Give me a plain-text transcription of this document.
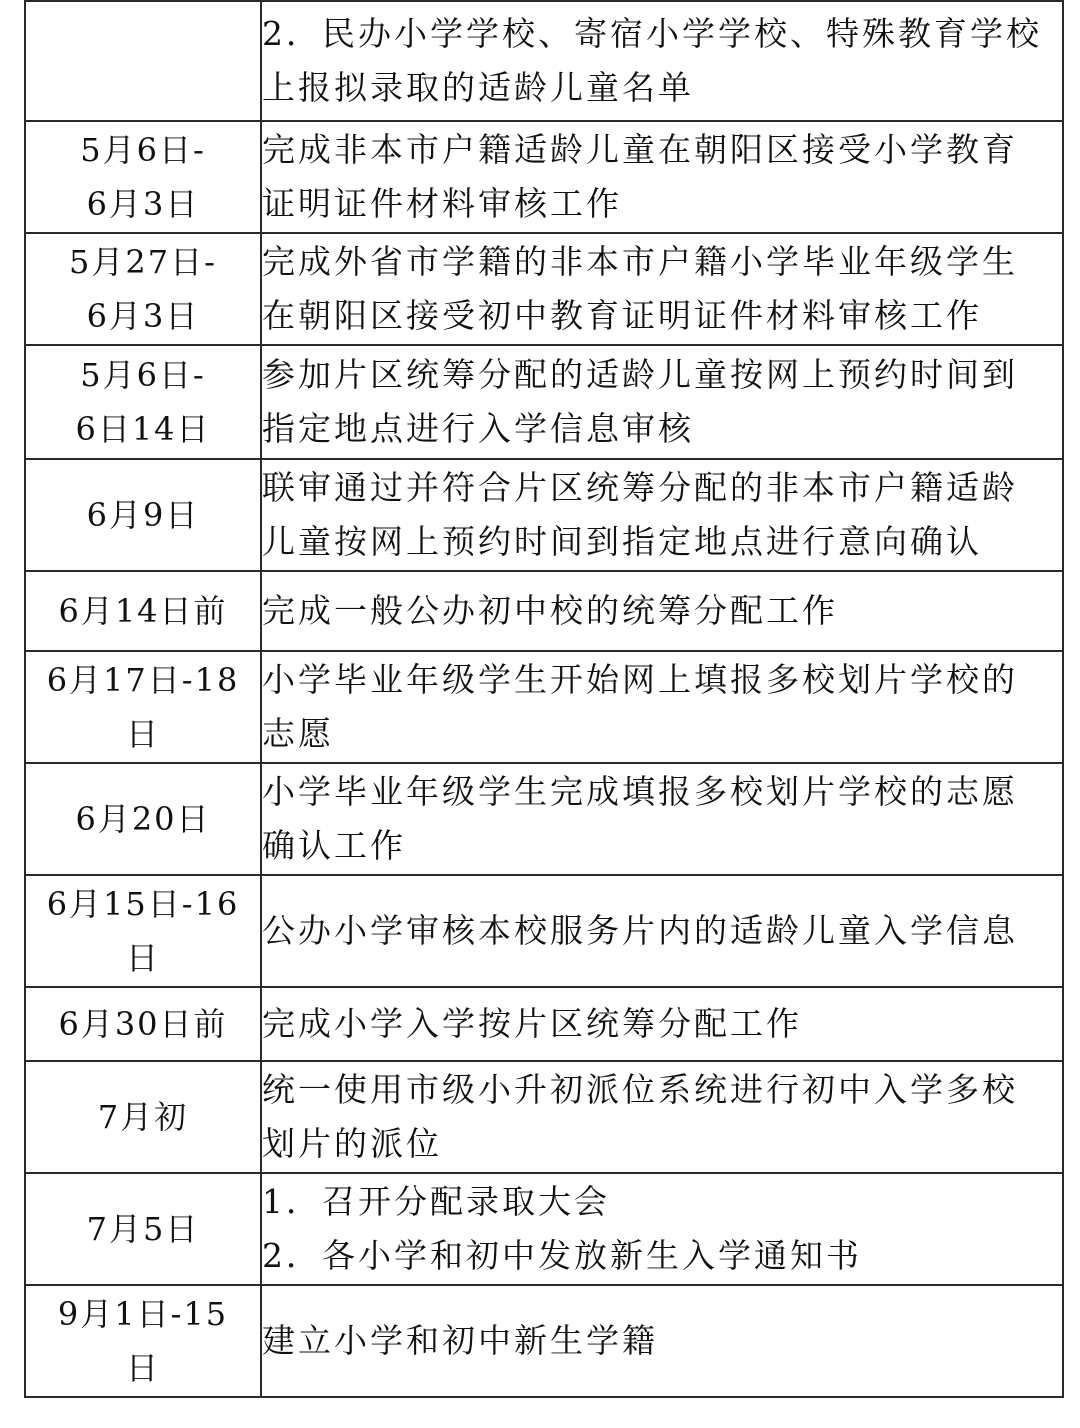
	2．民办小学学校、寄宿小学学校、特殊教育学校
上报拟录取的适龄儿童名单

5月6日-
6月3日	完成非本市户籍适龄儿童在朝阳区接受小学教育
证明证件材料审核工作

5月27日-
6月3日	完成外省市学籍的非本市户籍小学毕业年级学生
在朝阳区接受初中教育证明证件材料审核工作

5月6日-
6日14日	参加片区统筹分配的适龄儿童按网上预约时间到
指定地点进行入学信息审核

6月9日	联审通过并符合片区统筹分配的非本市户籍适龄
儿童按网上预约时间到指定地点进行意向确认

6月14日前	完成一般公办初中校的统筹分配工作

6月17日-18
日	小学毕业年级学生开始网上填报多校划片学校的
志愿

6月20日	小学毕业年级学生完成填报多校划片学校的志愿
确认工作

6月15日-16
日	公办小学审核本校服务片内的适龄儿童入学信息

6月30日前	完成小学入学按片区统筹分配工作

7月初	统一使用市级小升初派位系统进行初中入学多校
划片的派位

7月5日	1．召开分配录取大会
2．各小学和初中发放新生入学通知书

9月1日-15
日	建立小学和初中新生学籍
